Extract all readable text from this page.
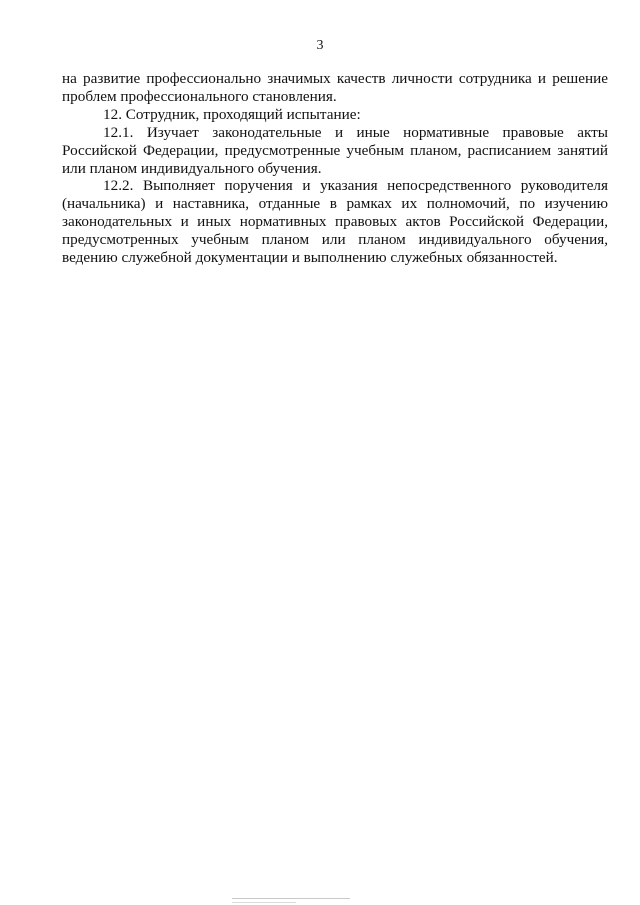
3

на развитие профессионально значимых качеств личности сотрудника и решение
проблем профессионального становления.

12. Сотрудник, проходящий испытание:

12.1. Изучает законодательные и иные нормативные правовые акты
Российской Федерации, предусмотренные учебным планом, расписанием занятий
или планом индивидуального обучения.

12.2. Выполняет поручения и указания непосредственного руководителя
(начальника) и наставника, отданные в рамках их полномочий, по изучению
законодательных и иных нормативных правовых актов Российской Федерации,
предусмотренных учебным планом или планом индивидуального обучения,
ведению служебной документации и выполнению служебных обязанностей.
